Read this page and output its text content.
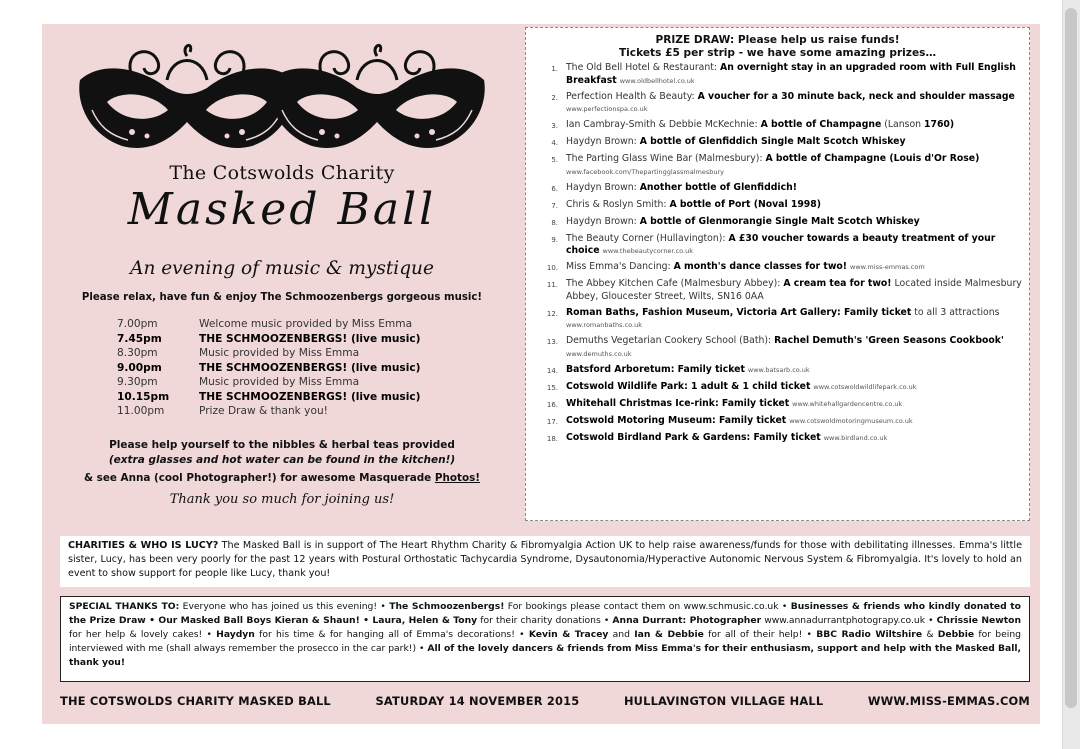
The Cotswolds Charity
Masked Ball
An evening of music & mystique
Please relax, have fun & enjoy The Schmoozenbergs gorgeous music!
7.00pm	Welcome music provided by Miss Emma
7.45pm	THE SCHMOOZENBERGS! (live music)
8.30pm	Music provided by Miss Emma
9.00pm	THE SCHMOOZENBERGS! (live music)
9.30pm	Music provided by Miss Emma
10.15pm	THE SCHMOOZENBERGS! (live music)
11.00pm	Prize Draw & thank you!
Please help yourself to the nibbles & herbal teas provided
(extra glasses and hot water can be found in the kitchen!)
& see Anna (cool Photographer!) for awesome Masquerade Photos!
Thank you so much for joining us!
PRIZE DRAW: Please help us raise funds!
Tickets £5 per strip - we have some amazing prizes…
1. The Old Bell Hotel & Restaurant: An overnight stay in an upgraded room with Full English Breakfast www.oldbellhotel.co.uk
2. Perfection Health & Beauty: A voucher for a 30 minute back, neck and shoulder massage www.perfectionspa.co.uk
3. Ian Cambray-Smith & Debbie McKechnie: A bottle of Champagne (Lanson 1760)
4. Haydyn Brown: A bottle of Glenfiddich Single Malt Scotch Whiskey
5. The Parting Glass Wine Bar (Malmesbury): A bottle of Champagne (Louis d'Or Rose) www.facebook.com/Thepartingglassmalmesbury
6. Haydyn Brown: Another bottle of Glenfiddich!
7. Chris & Roslyn Smith: A bottle of Port (Noval 1998)
8. Haydyn Brown: A bottle of Glenmorangie Single Malt Scotch Whiskey
9. The Beauty Corner (Hullavington): A £30 voucher towards a beauty treatment of your choice www.thebeautycorner.co.uk
10. Miss Emma's Dancing: A month's dance classes for two! www.miss-emmas.com
11. The Abbey Kitchen Cafe (Malmesbury Abbey): A cream tea for two! Located inside Malmesbury Abbey, Gloucester Street, Wilts, SN16 0AA
12. Roman Baths, Fashion Museum, Victoria Art Gallery: Family ticket to all 3 attractions www.romanbaths.co.uk
13. Demuths Vegetarian Cookery School (Bath): Rachel Demuth's 'Green Seasons Cookbook' www.demuths.co.uk
14. Batsford Arboretum: Family ticket www.batsarb.co.uk
15. Cotswold Wildlife Park: 1 adult & 1 child ticket www.cotswoldwildlifepark.co.uk
16. Whitehall Christmas Ice-rink: Family ticket www.whitehallgardencentre.co.uk
17. Cotswold Motoring Museum: Family ticket www.cotswoldmotoringmuseum.co.uk
18. Cotswold Birdland Park & Gardens: Family ticket www.birdland.co.uk
CHARITIES & WHO IS LUCY? The Masked Ball is in support of The Heart Rhythm Charity & Fibromyalgia Action UK to help raise awareness/funds for those with debilitating illnesses. Emma's little sister, Lucy, has been very poorly for the past 12 years with Postural Orthostatic Tachycardia Syndrome, Dysautonomia/Hyperactive Autonomic Nervous System & Fibromyalgia. It's lovely to hold an event to show support for people like Lucy, thank you!
SPECIAL THANKS TO: Everyone who has joined us this evening! • The Schmoozenbergs! For bookings please contact them on www.schmusic.co.uk • Businesses & friends who kindly donated to the Prize Draw • Our Masked Ball Boys Kieran & Shaun! • Laura, Helen & Tony for their charity donations • Anna Durrant: Photographer www.annadurrantphotograpy.co.uk • Chrissie Newton for her help & lovely cakes! • Haydyn for his time & for hanging all of Emma's decorations! • Kevin & Tracey and Ian & Debbie for all of their help! • BBC Radio Wiltshire & Debbie for being interviewed with me (shall always remember the prosecco in the car park!) • All of the lovely dancers & friends from Miss Emma's for their enthusiasm, support and help with the Masked Ball, thank you!
THE COTSWOLDS CHARITY MASKED BALL	SATURDAY 14 NOVEMBER 2015	HULLAVINGTON VILLAGE HALL	WWW.MISS-EMMAS.COM
